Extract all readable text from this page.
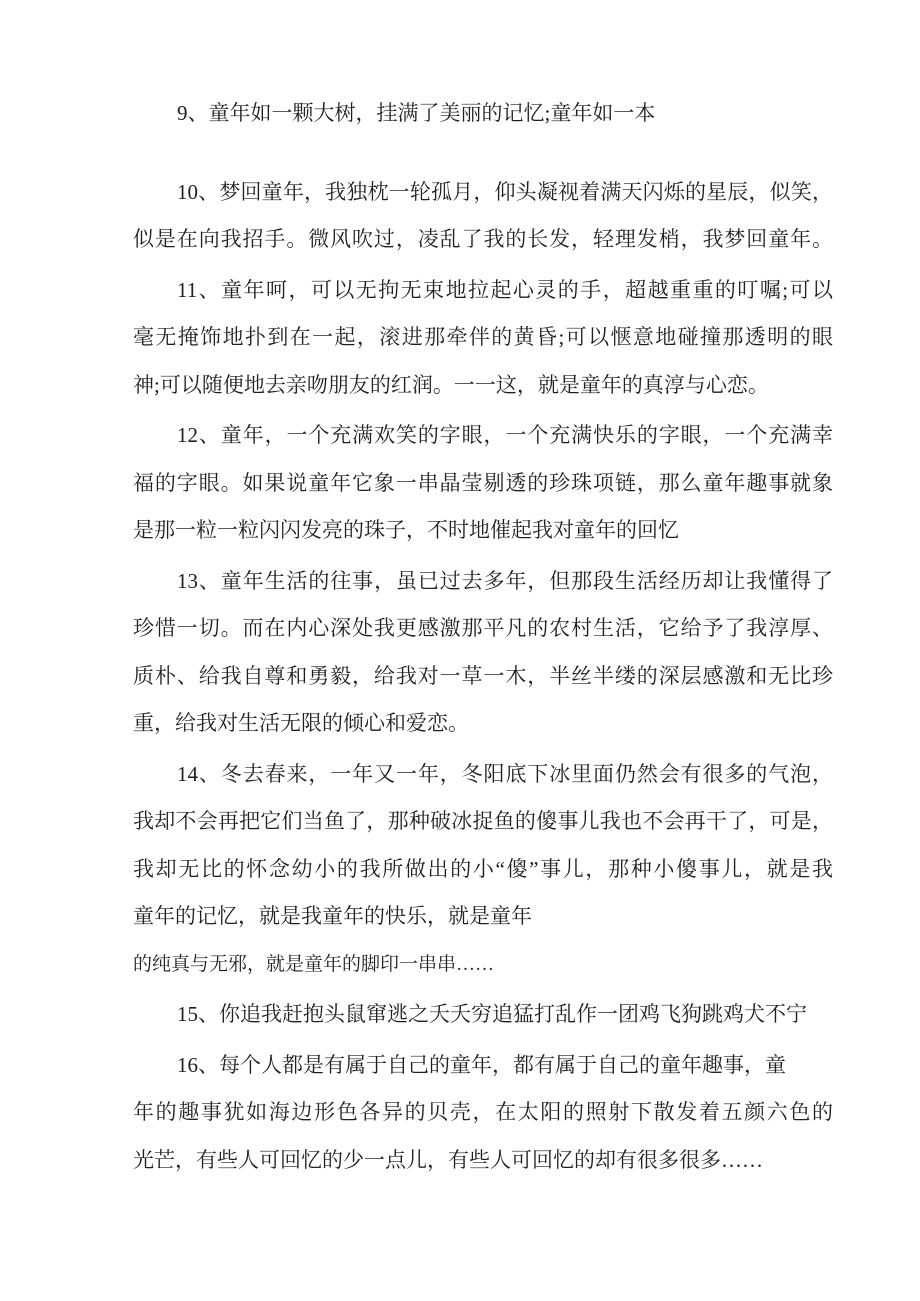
9、童年如一颗大树，挂满了美丽的记忆;童年如一本
10、梦回童年，我独枕一轮孤月，仰头凝视着满天闪烁的星辰，似笑，
似是在向我招手。微风吹过，凌乱了我的长发，轻理发梢，我梦回童年。
11、童年呵，可以无拘无束地拉起心灵的手，超越重重的叮嘱;可以
毫无掩饰地扑到在一起，滚进那牵伴的黄昏;可以惬意地碰撞那透明的眼
神;可以随便地去亲吻朋友的红润。一一这，就是童年的真淳与心恋。
12、童年，一个充满欢笑的字眼，一个充满快乐的字眼，一个充满幸
福的字眼。如果说童年它象一串晶莹剔透的珍珠项链，那么童年趣事就象
是那一粒一粒闪闪发亮的珠子，不时地催起我对童年的回忆
13、童年生活的往事，虽已过去多年，但那段生活经历却让我懂得了
珍惜一切。而在内心深处我更感激那平凡的农村生活，它给予了我淳厚、
质朴、给我自尊和勇毅，给我对一草一木，半丝半缕的深层感激和无比珍
重，给我对生活无限的倾心和爱恋。
14、冬去春来，一年又一年，冬阳底下冰里面仍然会有很多的气泡，
我却不会再把它们当鱼了，那种破冰捉鱼的傻事儿我也不会再干了，可是，
我却无比的怀念幼小的我所做出的小“傻”事儿，那种小傻事儿，就是我
童年的记忆，就是我童年的快乐，就是童年
的纯真与无邪，就是童年的脚印一串串……
15、你追我赶抱头鼠窜逃之夭夭穷追猛打乱作一团鸡飞狗跳鸡犬不宁
16、每个人都是有属于自己的童年，都有属于自己的童年趣事，童
年的趣事犹如海边形色各异的贝壳，在太阳的照射下散发着五颜六色的
光芒，有些人可回忆的少一点儿，有些人可回忆的却有很多很多……
